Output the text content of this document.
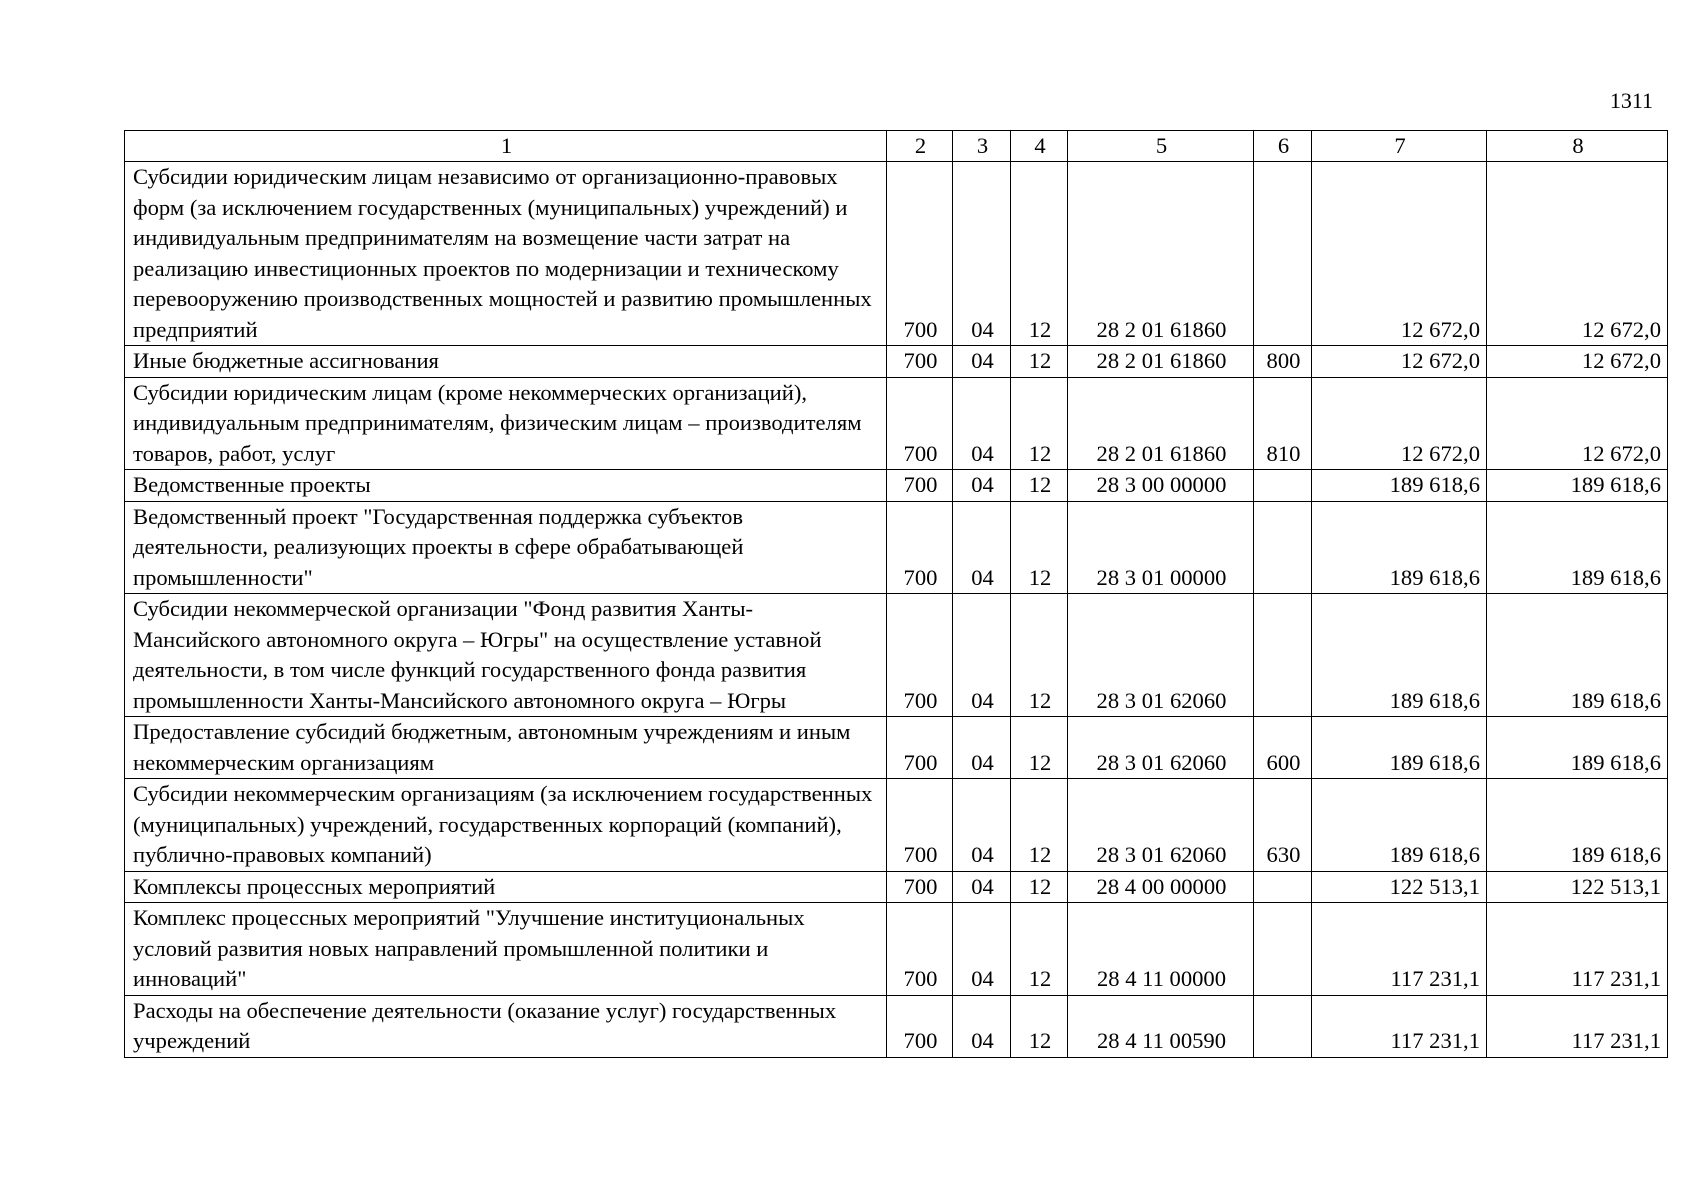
1311
1	2	3	4	5	6	7	8
Субсидии юридическим лицам независимо от организационно-правовых форм (за исключением государственных (муниципальных) учреждений) и индивидуальным предпринимателям на возмещение части затрат на реализацию инвестиционных проектов по модернизации и техническому перевооружению производственных мощностей и развитию промышленных предприятий	700	04	12	28 2 01 61860		12 672,0	12 672,0
Иные бюджетные ассигнования	700	04	12	28 2 01 61860	800	12 672,0	12 672,0
Субсидии юридическим лицам (кроме некоммерческих организаций), индивидуальным предпринимателям, физическим лицам – производителям товаров, работ, услуг	700	04	12	28 2 01 61860	810	12 672,0	12 672,0
Ведомственные проекты	700	04	12	28 3 00 00000		189 618,6	189 618,6
Ведомственный проект "Государственная поддержка субъектов деятельности, реализующих проекты в сфере обрабатывающей промышленности"	700	04	12	28 3 01 00000		189 618,6	189 618,6
Субсидии некоммерческой организации "Фонд развития Ханты-Мансийского автономного округа – Югры" на осуществление уставной деятельности, в том числе функций государственного фонда развития промышленности Ханты-Мансийского автономного округа – Югры	700	04	12	28 3 01 62060		189 618,6	189 618,6
Предоставление субсидий бюджетным, автономным учреждениям и иным некоммерческим организациям	700	04	12	28 3 01 62060	600	189 618,6	189 618,6
Субсидии некоммерческим организациям (за исключением государственных (муниципальных) учреждений, государственных корпораций (компаний), публично-правовых компаний)	700	04	12	28 3 01 62060	630	189 618,6	189 618,6
Комплексы процессных мероприятий	700	04	12	28 4 00 00000		122 513,1	122 513,1
Комплекс процессных мероприятий "Улучшение институциональных условий развития новых направлений промышленной политики и инноваций"	700	04	12	28 4 11 00000		117 231,1	117 231,1
Расходы на обеспечение деятельности (оказание услуг) государственных учреждений	700	04	12	28 4 11 00590		117 231,1	117 231,1
